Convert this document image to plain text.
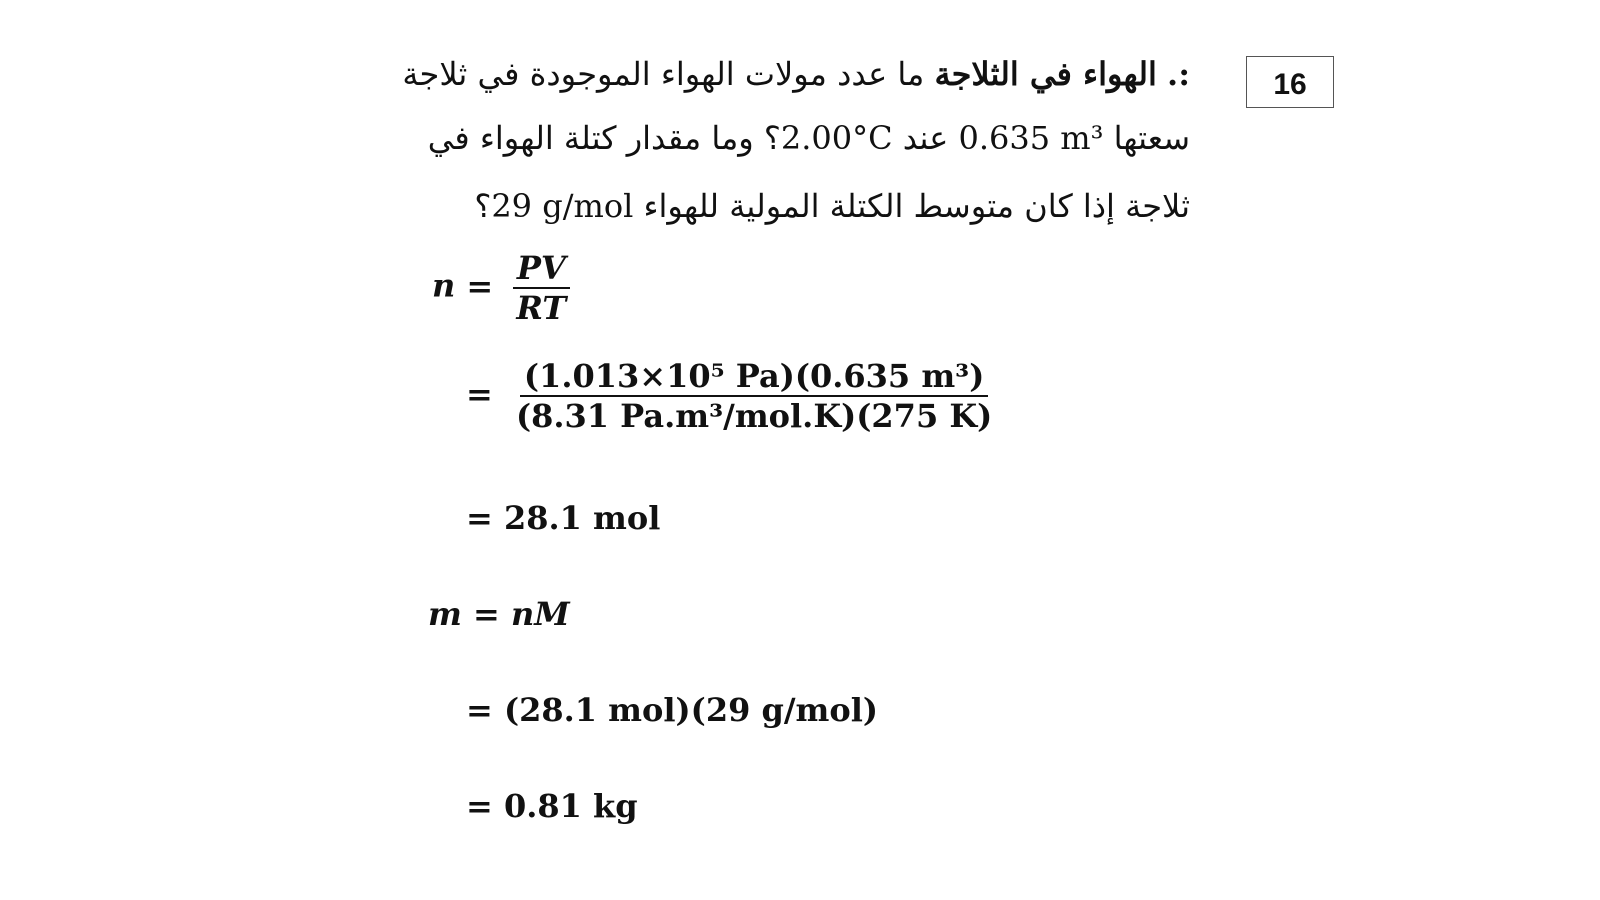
16
:. الهواء في الثلاجة ما عدد مولات الهواء الموجودة في ثلاجة
سعتها 0.635 m³ عند 2.00°C؟ وما مقدار كتلة الهواء في
ثلاجة إذا كان متوسط الكتلة المولية للهواء 29 g/mol؟
$n = \frac{PV}{RT}$
= $\frac{\text{(1.013×10⁵ Pa)(0.635 m³)}}{\text{(8.31 Pa.m³/mol.K)(275 K)}}$
= 28.1 mol
m = nM
= (28.1 mol)(29 g/mol)
= 0.81 kg
